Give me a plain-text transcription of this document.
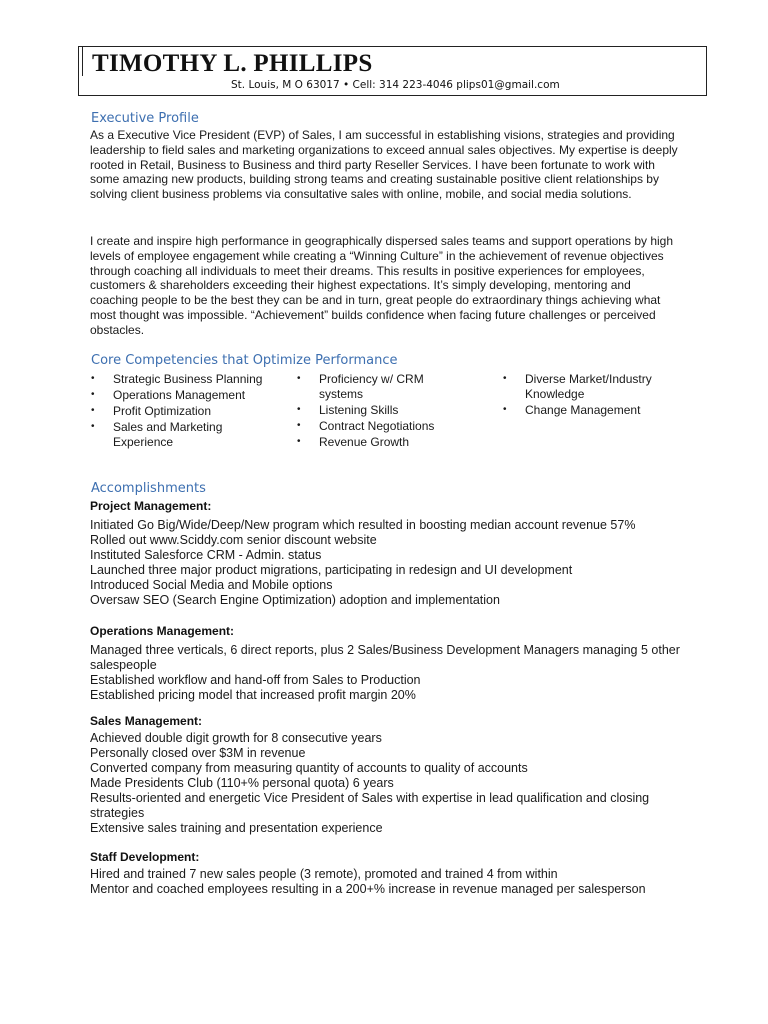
TIMOTHY L. PHILLIPS
St. Louis, M O 63017 • Cell: 314 223-4046 plips01@gmail.com
Executive Profile

As a Executive Vice President (EVP) of Sales, I am successful in establishing visions, strategies and providing leadership to field sales and marketing organizations to exceed annual sales objectives. My expertise is deeply rooted in Retail, Business to Business and third party Reseller Services. I have been fortunate to work with some amazing new products, building strong teams and creating sustainable positive client relationships by solving client business problems via consultative sales with online, mobile, and social media solutions.

I create and inspire high performance in geographically dispersed sales teams and support operations by high levels of employee engagement while creating a “Winning Culture” in the achievement of revenue objectives through coaching all individuals to meet their dreams. This results in positive experiences for employees, customers & shareholders exceeding their highest expectations. It’s simply developing, mentoring and coaching people to be the best they can be and in turn, great people do extraordinary things achieving what most thought was impossible. “Achievement” builds confidence when facing future challenges or perceived obstacles.

Core Competencies that Optimize Performance
• Strategic Business Planning
• Operations Management
• Profit Optimization
• Sales and Marketing Experience
• Proficiency w/ CRM systems
• Listening Skills
• Contract Negotiations
• Revenue Growth
• Diverse Market/Industry Knowledge
• Change Management
Accomplishments
Project Management:
Initiated Go Big/Wide/Deep/New program which resulted in boosting median account revenue 57%
Rolled out www.Sciddy.com senior discount website
Instituted Salesforce CRM - Admin. status
Launched three major product migrations, participating in redesign and UI development
Introduced Social Media and Mobile options
Oversaw SEO (Search Engine Optimization) adoption and implementation
Operations Management:
Managed three verticals, 6 direct reports, plus 2 Sales/Business Development Managers managing 5 other salespeople
Established workflow and hand-off from Sales to Production
Established pricing model that increased profit margin 20%
Sales Management:
Achieved double digit growth for 8 consecutive years
Personally closed over $3M in revenue
Converted company from measuring quantity of accounts to quality of accounts
Made Presidents Club (110+% personal quota) 6 years
Results-oriented and energetic Vice President of Sales with expertise in lead qualification and closing strategies
Extensive sales training and presentation experience
Staff Development:
Hired and trained 7 new sales people (3 remote), promoted and trained 4 from within
Mentor and coached employees resulting in a 200+% increase in revenue managed per salesperson
